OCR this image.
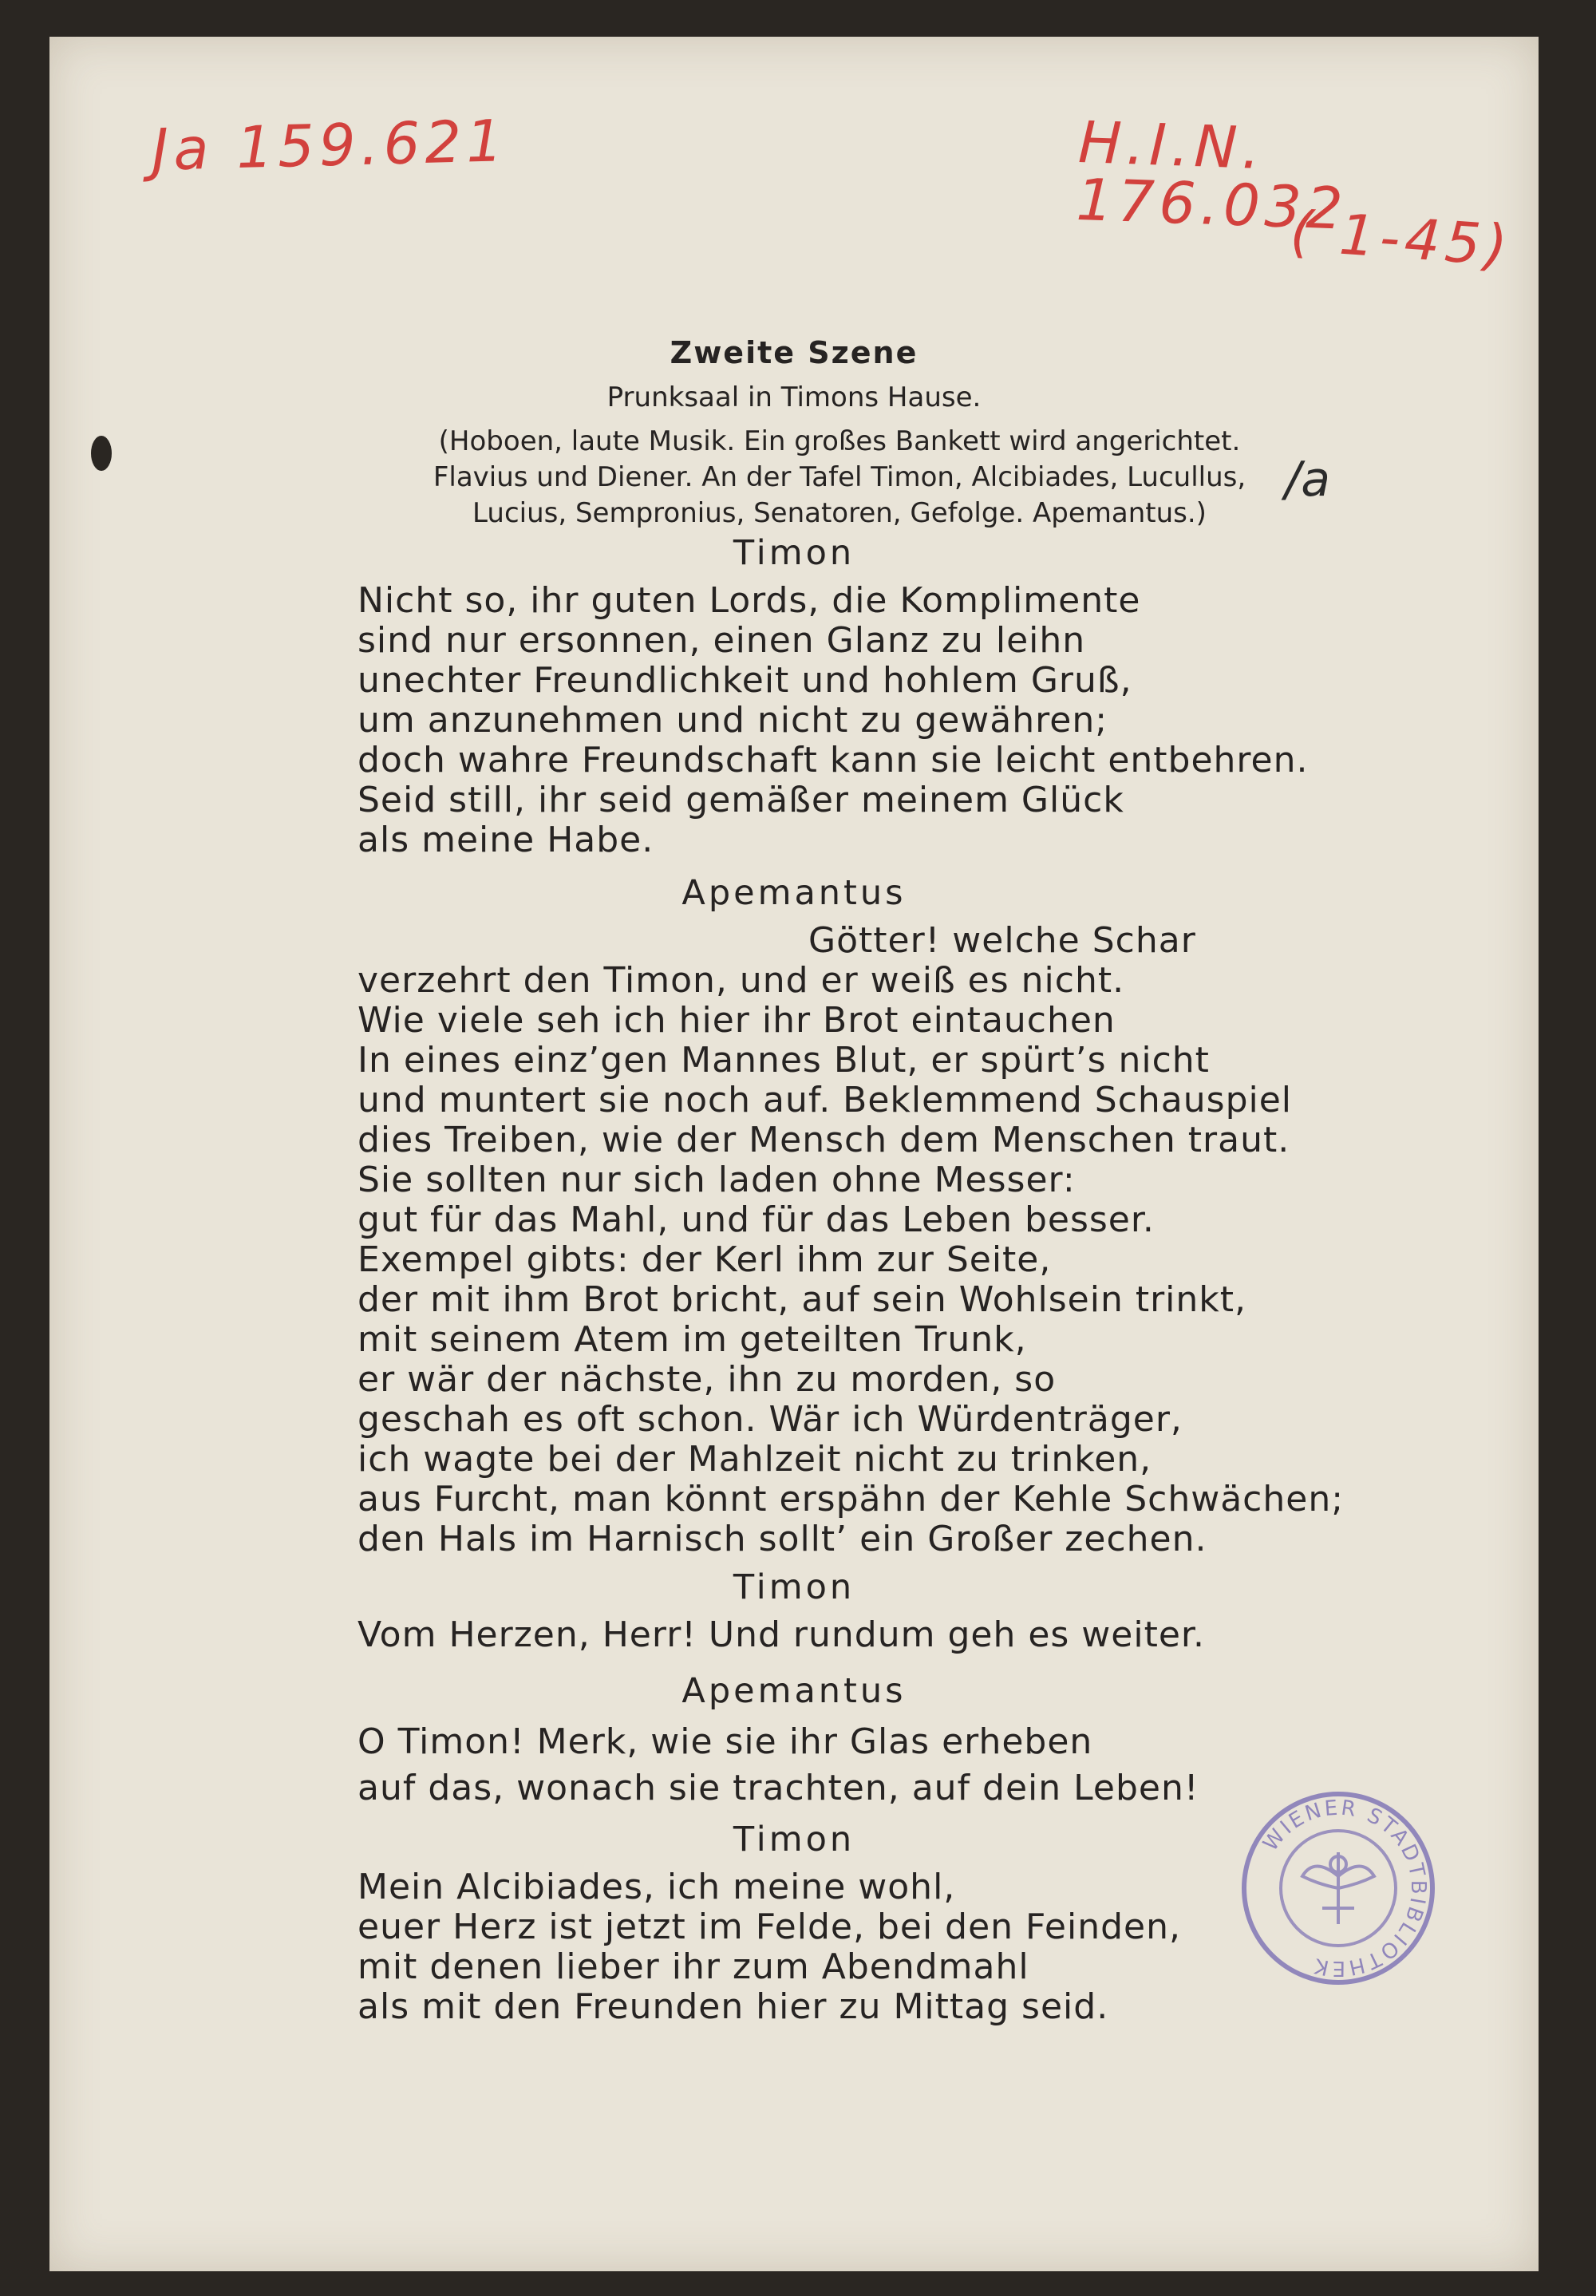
Ja 159.621	H.I.N. 176.032
( 1-45)
/a
Zweite Szene
Prunksaal in Timons Hause.
(Hoboen, laute Musik. Ein großes Bankett wird angerichtet.
Flavius und Diener. An der Tafel Timon, Alcibiades, Lucullus,
Lucius, Sempronius, Senatoren, Gefolge. Apemantus.)
Timon
Nicht so, ihr guten Lords, die Komplimente
sind nur ersonnen, einen Glanz zu leihn
unechter Freundlichkeit und hohlem Gruß,
um anzunehmen und nicht zu gewähren;
doch wahre Freundschaft kann sie leicht entbehren.
Seid still, ihr seid gemäßer meinem Glück
als meine Habe.
Apemantus
Götter! welche Schar
verzehrt den Timon, und er weiß es nicht.
Wie viele seh ich hier ihr Brot eintauchen
In eines einz’gen Mannes Blut, er spürt’s nicht
und muntert sie noch auf. Beklemmend Schauspiel
dies Treiben, wie der Mensch dem Menschen traut.
Sie sollten nur sich laden ohne Messer:
gut für das Mahl, und für das Leben besser.
Exempel gibts: der Kerl ihm zur Seite,
der mit ihm Brot bricht, auf sein Wohlsein trinkt,
mit seinem Atem im geteilten Trunk,
er wär der nächste, ihn zu morden, so
geschah es oft schon. Wär ich Würdenträger,
ich wagte bei der Mahlzeit nicht zu trinken,
aus Furcht, man könnt erspähn der Kehle Schwächen;
den Hals im Harnisch sollt’ ein Großer zechen.
Timon
Vom Herzen, Herr! Und rundum geh es weiter.
Apemantus
O Timon! Merk, wie sie ihr Glas erheben
auf das, wonach sie trachten, auf dein Leben!
Timon
Mein Alcibiades, ich meine wohl,
euer Herz ist jetzt im Felde, bei den Feinden,
mit denen lieber ihr zum Abendmahl
als mit den Freunden hier zu Mittag seid.
WIENER STADTBIBLIOTHEK
